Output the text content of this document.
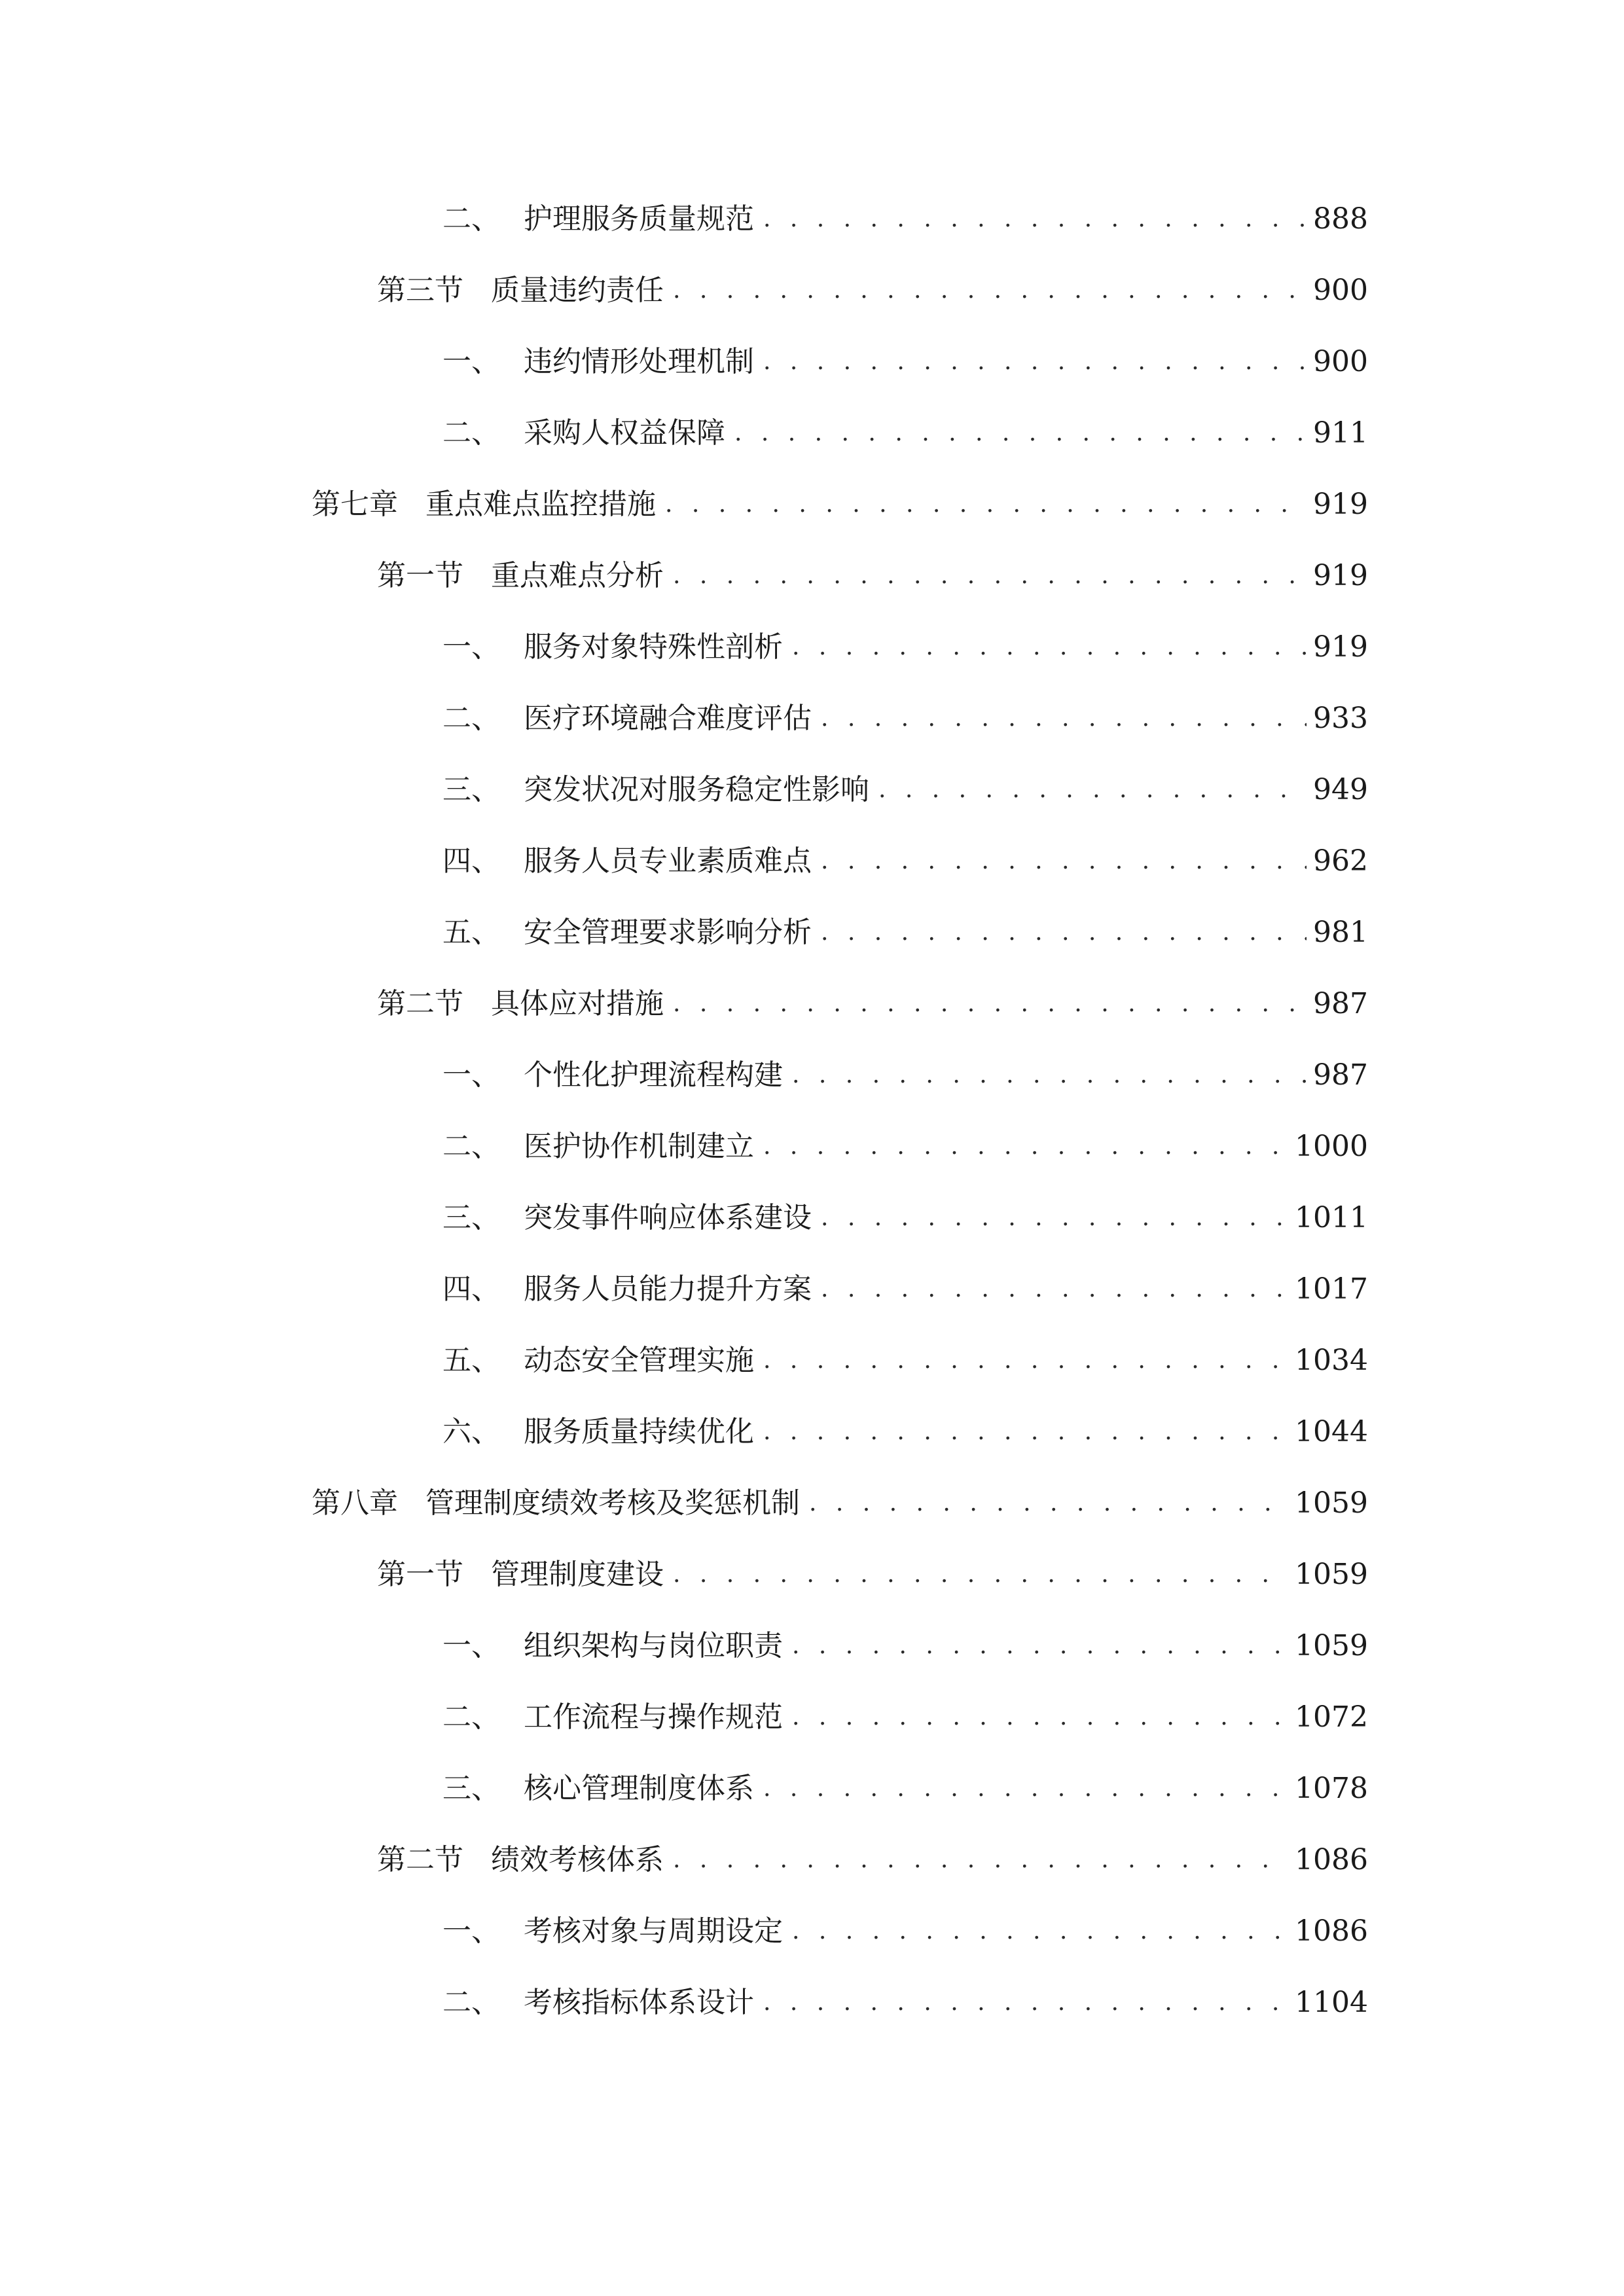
二、 护理服务质量规范 . . .	888
第三节 质量违约责任 . . .	900
一、 违约情形处理机制 . . .	900
二、 采购人权益保障 . . .	911
第七章 重点难点监控措施 . . .	919
第一节 重点难点分析 . . .	919
一、 服务对象特殊性剖析 . . .	919
二、 医疗环境融合难度评估 . . .	933
三、 突发状况对服务稳定性影响 . . .	949
四、 服务人员专业素质难点 . . .	962
五、 安全管理要求影响分析 . . .	981
第二节 具体应对措施 . . .	987
一、 个性化护理流程构建 . . .	987
二、 医护协作机制建立 . . .	1000
三、 突发事件响应体系建设 . . .	1011
四、 服务人员能力提升方案 . . .	1017
五、 动态安全管理实施 . . .	1034
六、 服务质量持续优化 . . .	1044
第八章 管理制度绩效考核及奖惩机制 . . .	1059
第一节 管理制度建设 . . .	1059
一、 组织架构与岗位职责 . . .	1059
二、 工作流程与操作规范 . . .	1072
三、 核心管理制度体系 . . .	1078
第二节 绩效考核体系 . . .	1086
一、 考核对象与周期设定 . . .	1086
二、 考核指标体系设计 . . .	1104
